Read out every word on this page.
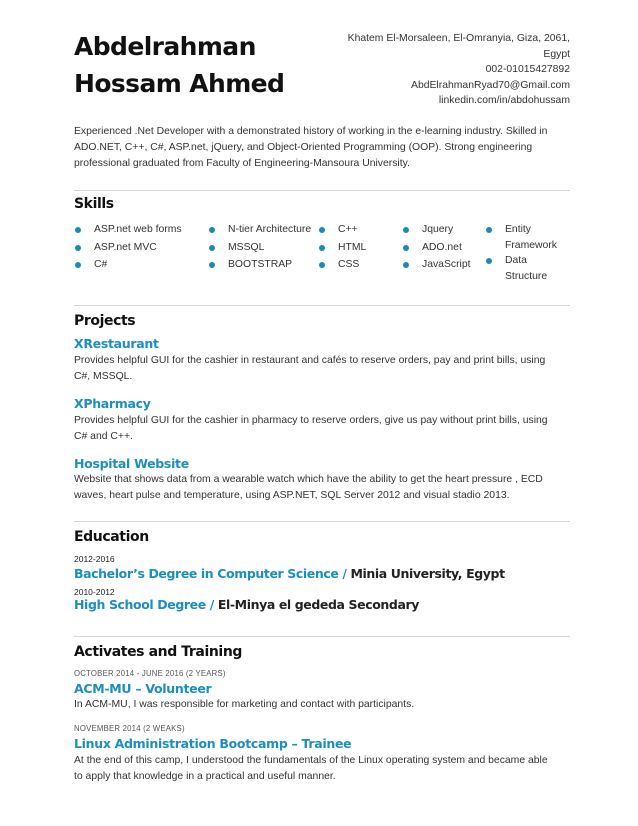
Abdelrahman
Hossam Ahmed
Khatem El-Morsaleen, El-Omranyia, Giza, 2061,
Egypt
002-01015427892
AbdElrahmanRyad70@Gmail.com
linkedin.com/in/abdohussam
Experienced .Net Developer with a demonstrated history of working in the e-learning industry. Skilled in
ADO.NET, C++, C#, ASP.net, jQuery, and Object-Oriented Programming (OOP). Strong engineering
professional graduated from Faculty of Engineering-Mansoura University.
Skills
ASP.net web forms
ASP.net MVC
C#
N-tier Architecture
MSSQL
BOOTSTRAP
C++
HTML
CSS
Jquery
ADO.net
JavaScript
Entity
Framework
Data
Structure
Projects
XRestaurant
Provides helpful GUI for the cashier in restaurant and cafés to reserve orders, pay and print bills, using
C#, MSSQL.
XPharmacy
Provides helpful GUI for the cashier in pharmacy to reserve orders, give us pay without print bills, using
C# and C++.
Hospital Website
Website that shows data from a wearable watch which have the ability to get the heart pressure , ECD
waves, heart pulse and temperature, using ASP.NET, SQL Server 2012 and visual stadio 2013.
Education
2012-2016
Bachelor’s Degree in Computer Science / Minia University, Egypt
2010-2012
High School Degree / El-Minya el gededa Secondary
Activates and Training
OCTOBER 2014 - JUNE 2016 (2 YEARS)
ACM-MU – Volunteer
In ACM-MU, I was responsible for marketing and contact with participants.
NOVEMBER 2014 (2 WEAKS)
Linux Administration Bootcamp – Trainee
At the end of this camp, I understood the fundamentals of the Linux operating system and became able
to apply that knowledge in a practical and useful manner.
